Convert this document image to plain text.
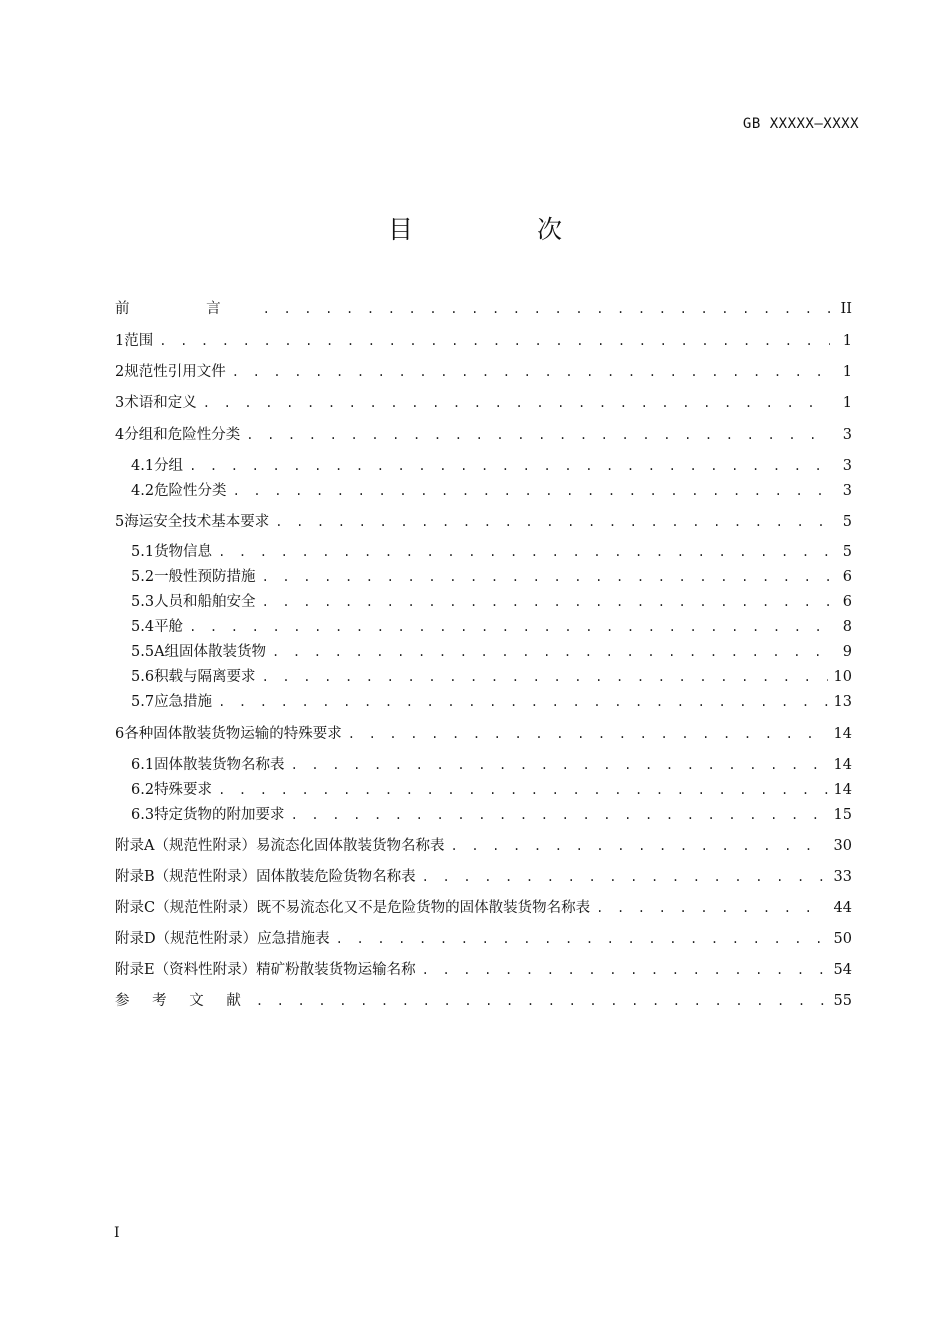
GB XXXXX—XXXX
目 次
前 言 . . .	II
1 范围 . . .	1
2 规范性引用文件 . . .	1
3 术语和定义 . . .	1
4 分组和危险性分类 . . .	3
4.1 分组 . . .	3
4.2 危险性分类 . . .	3
5 海运安全技术基本要求 . . .	5
5.1 货物信息 . . .	5
5.2 一般性预防措施 . . .	6
5.3 人员和船舶安全 . . .	6
5.4 平舱 . . .	8
5.5 A组固体散装货物 . . .	9
5.6 积载与隔离要求 . . .	10
5.7 应急措施 . . .	13
6 各种固体散装货物运输的特殊要求 . . .	14
6.1 固体散装货物名称表 . . .	14
6.2 特殊要求 . . .	14
6.3 特定货物的附加要求 . . .	15
附录A（规范性附录） 易流态化固体散装货物名称表 . . .	30
附录B（规范性附录） 固体散装危险货物名称表 . . .	33
附录C（规范性附录） 既不易流态化又不是危险货物的固体散装货物名称表 . . .	44
附录D（规范性附录） 应急措施表 . . .	50
附录E（资料性附录） 精矿粉散装货物运输名称 . . .	54
参 考 文 献 . . .	55
I
